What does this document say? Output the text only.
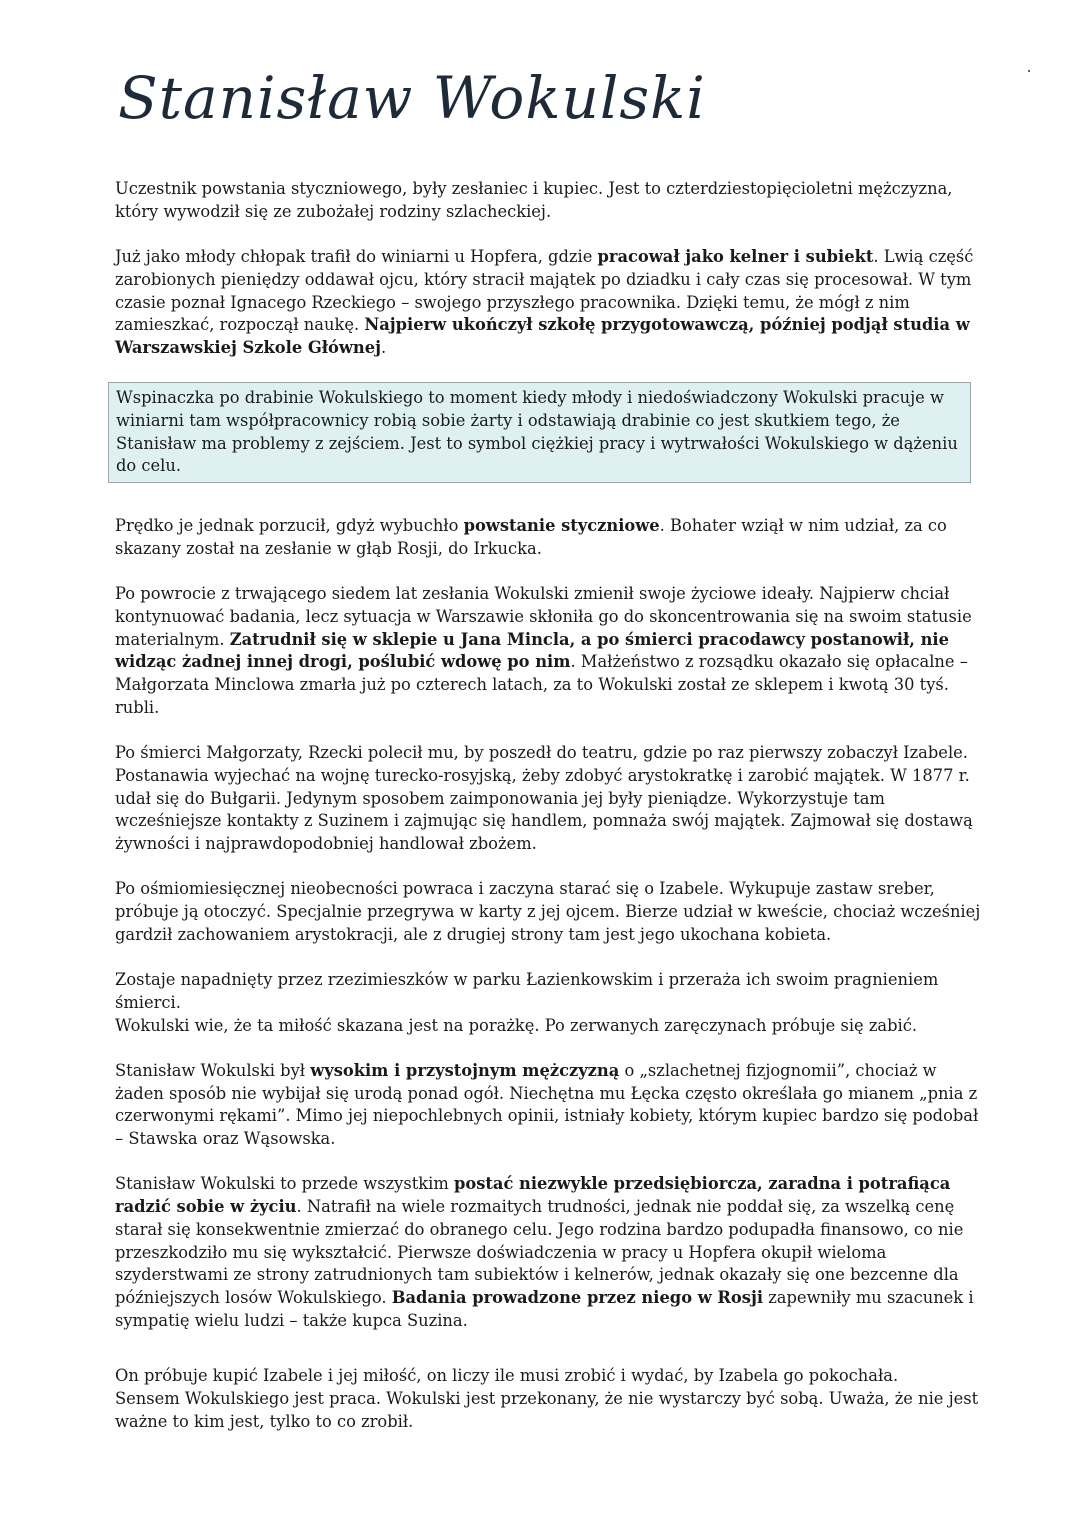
Stanisław Wokulski

Uczestnik powstania styczniowego, były zesłaniec i kupiec. Jest to czterdziestopięcioletni mężczyzna, który wywodził się ze zubożałej rodziny szlacheckiej.

Już jako młody chłopak trafił do winiarni u Hopfera, gdzie pracował jako kelner i subiekt. Lwią część zarobionych pieniędzy oddawał ojcu, który stracił majątek po dziadku i cały czas się procesował. W tym czasie poznał Ignacego Rzeckiego – swojego przyszłego pracownika. Dzięki temu, że mógł z nim zamieszkać, rozpoczął naukę. Najpierw ukończył szkołę przygotowawczą, później podjął studia w Warszawskiej Szkole Głównej.

Wspinaczka po drabinie Wokulskiego to moment kiedy młody i niedoświadczony Wokulski pracuje w winiarni tam współpracownicy robią sobie żarty i odstawiają drabinie co jest skutkiem tego, że Stanisław ma problemy z zejściem. Jest to symbol ciężkiej pracy i wytrwałości Wokulskiego w dążeniu do celu.

Prędko je jednak porzucił, gdyż wybuchło powstanie styczniowe. Bohater wziął w nim udział, za co skazany został na zesłanie w głąb Rosji, do Irkucka.

Po powrocie z trwającego siedem lat zesłania Wokulski zmienił swoje życiowe ideały. Najpierw chciał kontynuować badania, lecz sytuacja w Warszawie skłoniła go do skoncentrowania się na swoim statusie materialnym. Zatrudnił się w sklepie u Jana Mincla, a po śmierci pracodawcy postanowił, nie widząc żadnej innej drogi, poślubić wdowę po nim. Małżeństwo z rozsądku okazało się opłacalne – Małgorzata Minclowa zmarła już po czterech latach, za to Wokulski został ze sklepem i kwotą 30 tyś. rubli.

Po śmierci Małgorzaty, Rzecki polecił mu, by poszedł do teatru, gdzie po raz pierwszy zobaczył Izabele. Postanawia wyjechać na wojnę turecko-rosyjską, żeby zdobyć arystokratkę i zarobić majątek. W 1877 r. udał się do Bułgarii. Jedynym sposobem zaimponowania jej były pieniądze. Wykorzystuje tam wcześniejsze kontakty z Suzinem i zajmując się handlem, pomnaża swój majątek. Zajmował się dostawą żywności i najprawdopodobniej handlował zbożem.

Po ośmiomiesięcznej nieobecności powraca i zaczyna starać się o Izabele. Wykupuje zastaw sreber, próbuje ją otoczyć. Specjalnie przegrywa w karty z jej ojcem. Bierze udział w kweście, chociaż wcześniej gardził zachowaniem arystokracji, ale z drugiej strony tam jest jego ukochana kobieta.

Zostaje napadnięty przez rzezimieszków w parku Łazienkowskim i przeraża ich swoim pragnieniem śmierci.
Wokulski wie, że ta miłość skazana jest na porażkę. Po zerwanych zaręczynach próbuje się zabić.

Stanisław Wokulski był wysokim i przystojnym mężczyzną o „szlachetnej fizjognomii”, chociaż w żaden sposób nie wybijał się urodą ponad ogół. Niechętna mu Łęcka często określała go mianem „pnia z czerwonymi rękami”. Mimo jej niepochlebnych opinii, istniały kobiety, którym kupiec bardzo się podobał – Stawska oraz Wąsowska.

Stanisław Wokulski to przede wszystkim postać niezwykle przedsiębiorcza, zaradna i potrafiąca radzić sobie w życiu. Natrafił na wiele rozmaitych trudności, jednak nie poddał się, za wszelką cenę starał się konsekwentnie zmierzać do obranego celu. Jego rodzina bardzo podupadła finansowo, co nie przeszkodziło mu się wykształcić. Pierwsze doświadczenia w pracy u Hopfera okupił wieloma szyderstwami ze strony zatrudnionych tam subiektów i kelnerów, jednak okazały się one bezcenne dla późniejszych losów Wokulskiego. Badania prowadzone przez niego w Rosji zapewniły mu szacunek i sympatię wielu ludzi – także kupca Suzina.

On próbuje kupić Izabele i jej miłość, on liczy ile musi zrobić i wydać, by Izabela go pokochała.
Sensem Wokulskiego jest praca. Wokulski jest przekonany, że nie wystarczy być sobą. Uważa, że nie jest ważne to kim jest, tylko to co zrobił.
